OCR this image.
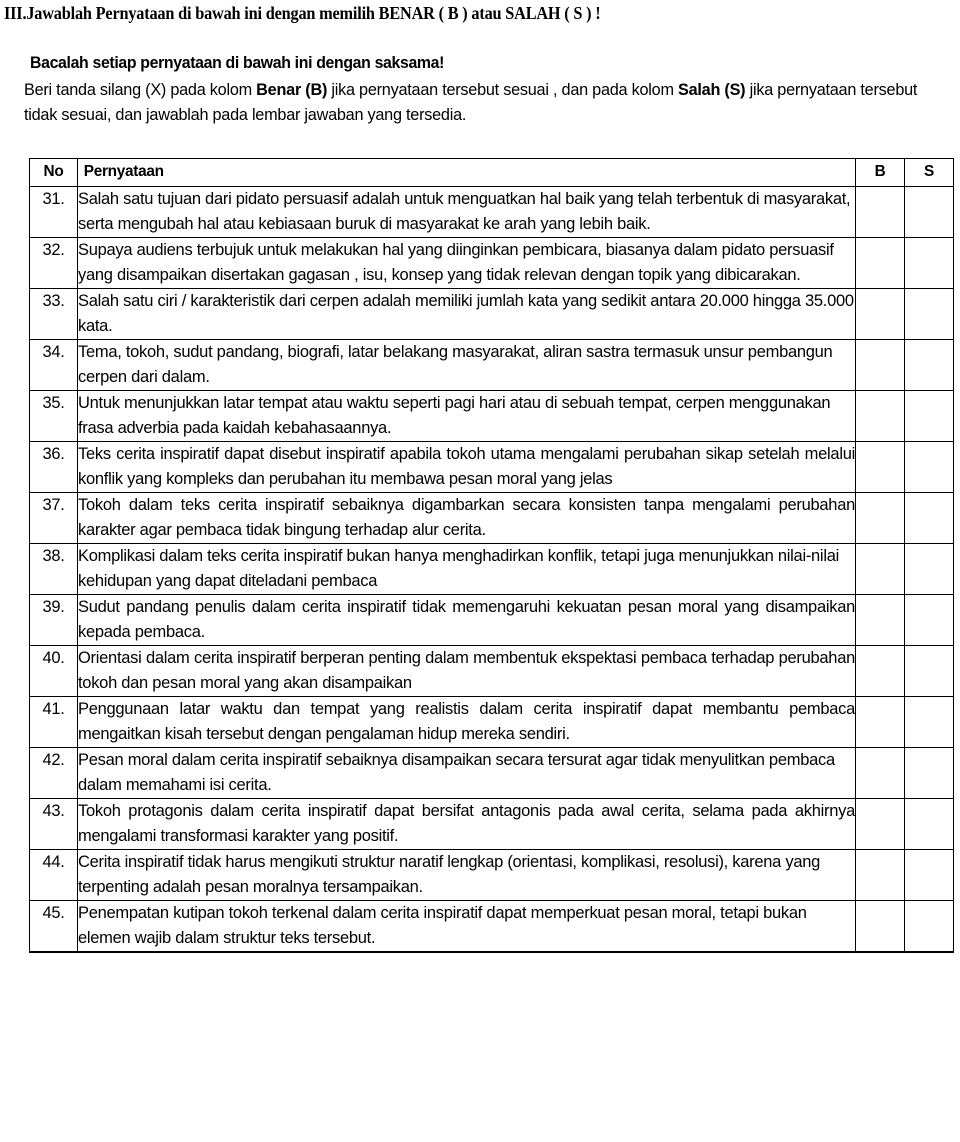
III.Jawablah Pernyataan di bawah ini dengan memilih BENAR ( B ) atau SALAH ( S ) !

Bacalah setiap pernyataan di bawah ini dengan saksama!

Beri tanda silang (X) pada kolom Benar (B) jika pernyataan tersebut sesuai , dan pada kolom Salah (S) jika pernyataan tersebut tidak sesuai, dan jawablah pada lembar jawaban yang tersedia.

No	Pernyataan	B	S

31.	Salah satu tujuan dari pidato persuasif adalah untuk menguatkan hal baik yang telah terbentuk di masyarakat, serta mengubah hal atau kebiasaan buruk di masyarakat ke arah yang lebih baik.		
32.	Supaya audiens terbujuk untuk melakukan hal yang diinginkan pembicara, biasanya dalam pidato persuasif yang disampaikan disertakan gagasan , isu, konsep yang tidak relevan dengan topik yang dibicarakan.		
33.	Salah satu ciri / karakteristik dari cerpen adalah memiliki jumlah kata yang sedikit antara 20.000 hingga 35.000 kata.		
34.	Tema, tokoh, sudut pandang, biografi, latar belakang masyarakat, aliran sastra termasuk unsur pembangun cerpen dari dalam.		
35.	Untuk menunjukkan latar tempat atau waktu seperti pagi hari atau di sebuah tempat, cerpen menggunakan frasa adverbia pada kaidah kebahasaannya.		
36.	Teks cerita inspiratif dapat disebut inspiratif apabila tokoh utama mengalami perubahan sikap setelah melalui konflik yang kompleks dan perubahan itu membawa pesan moral yang jelas		
37.	Tokoh dalam teks cerita inspiratif sebaiknya digambarkan secara konsisten tanpa mengalami perubahan karakter agar pembaca tidak bingung terhadap alur cerita.		
38.	Komplikasi dalam teks cerita inspiratif bukan hanya menghadirkan konflik, tetapi juga menunjukkan nilai-nilai kehidupan yang dapat diteladani pembaca		
39.	Sudut pandang penulis dalam cerita inspiratif tidak memengaruhi kekuatan pesan moral yang disampaikan kepada pembaca.		
40.	Orientasi dalam cerita inspiratif berperan penting dalam membentuk ekspektasi pembaca terhadap perubahan tokoh dan pesan moral yang akan disampaikan		
41.	Penggunaan latar waktu dan tempat yang realistis dalam cerita inspiratif dapat membantu pembaca mengaitkan kisah tersebut dengan pengalaman hidup mereka sendiri.		
42.	Pesan moral dalam cerita inspiratif sebaiknya disampaikan secara tersurat agar tidak menyulitkan pembaca dalam memahami isi cerita.		
43.	Tokoh protagonis dalam cerita inspiratif dapat bersifat antagonis pada awal cerita, selama pada akhirnya mengalami transformasi karakter yang positif.		
44.	Cerita inspiratif tidak harus mengikuti struktur naratif lengkap (orientasi, komplikasi, resolusi), karena yang terpenting adalah pesan moralnya tersampaikan.		
45.	Penempatan kutipan tokoh terkenal dalam cerita inspiratif dapat memperkuat pesan moral, tetapi bukan elemen wajib dalam struktur teks tersebut.		
